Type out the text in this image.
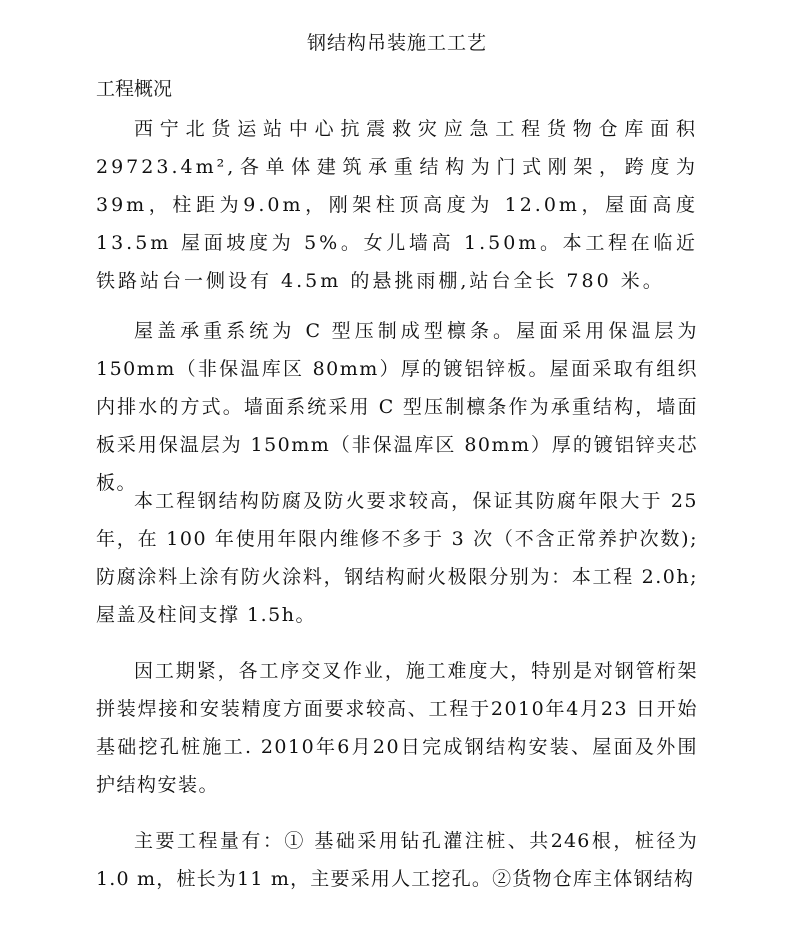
钢结构吊装施工工艺
工程概况
西宁北货运站中心抗震救灾应急工程货物仓库面积29723.4m²,各单体建筑承重结构为门式刚架，跨度为 39m，柱距为9.0m，刚架柱顶高度为 12.0m，屋面高度 13.5m 屋面坡度为 5%。女儿墙高 1.50m。本工程在临近铁路站台一侧设有 4.5m 的悬挑雨棚,站台全长 780 米。
屋盖承重系统为 C 型压制成型檩条。屋面采用保温层为 150mm（非保温库区 80mm）厚的镀铝锌板。屋面采取有组织内排水的方式。墙面系统采用 C 型压制檩条作为承重结构，墙面板采用保温层为 150mm（非保温库区 80mm）厚的镀铝锌夹芯板。
本工程钢结构防腐及防火要求较高，保证其防腐年限大于 25年，在 100 年使用年限内维修不多于 3 次（不含正常养护次数);防腐涂料上涂有防火涂料，钢结构耐火极限分别为：本工程 2.0h;屋盖及柱间支撑 1.5h。
因工期紧，各工序交叉作业，施工难度大，特别是对钢管桁架拼装焊接和安装精度方面要求较高、工程于2010年4月23 日开始基础挖孔桩施工. 2010年6月20日完成钢结构安装、屋面及外围护结构安装。
主要工程量有：① 基础采用钻孔灌注桩、共246根，桩径为1.0 m，桩长为11 m，主要采用人工挖孔。②货物仓库主体钢结构
